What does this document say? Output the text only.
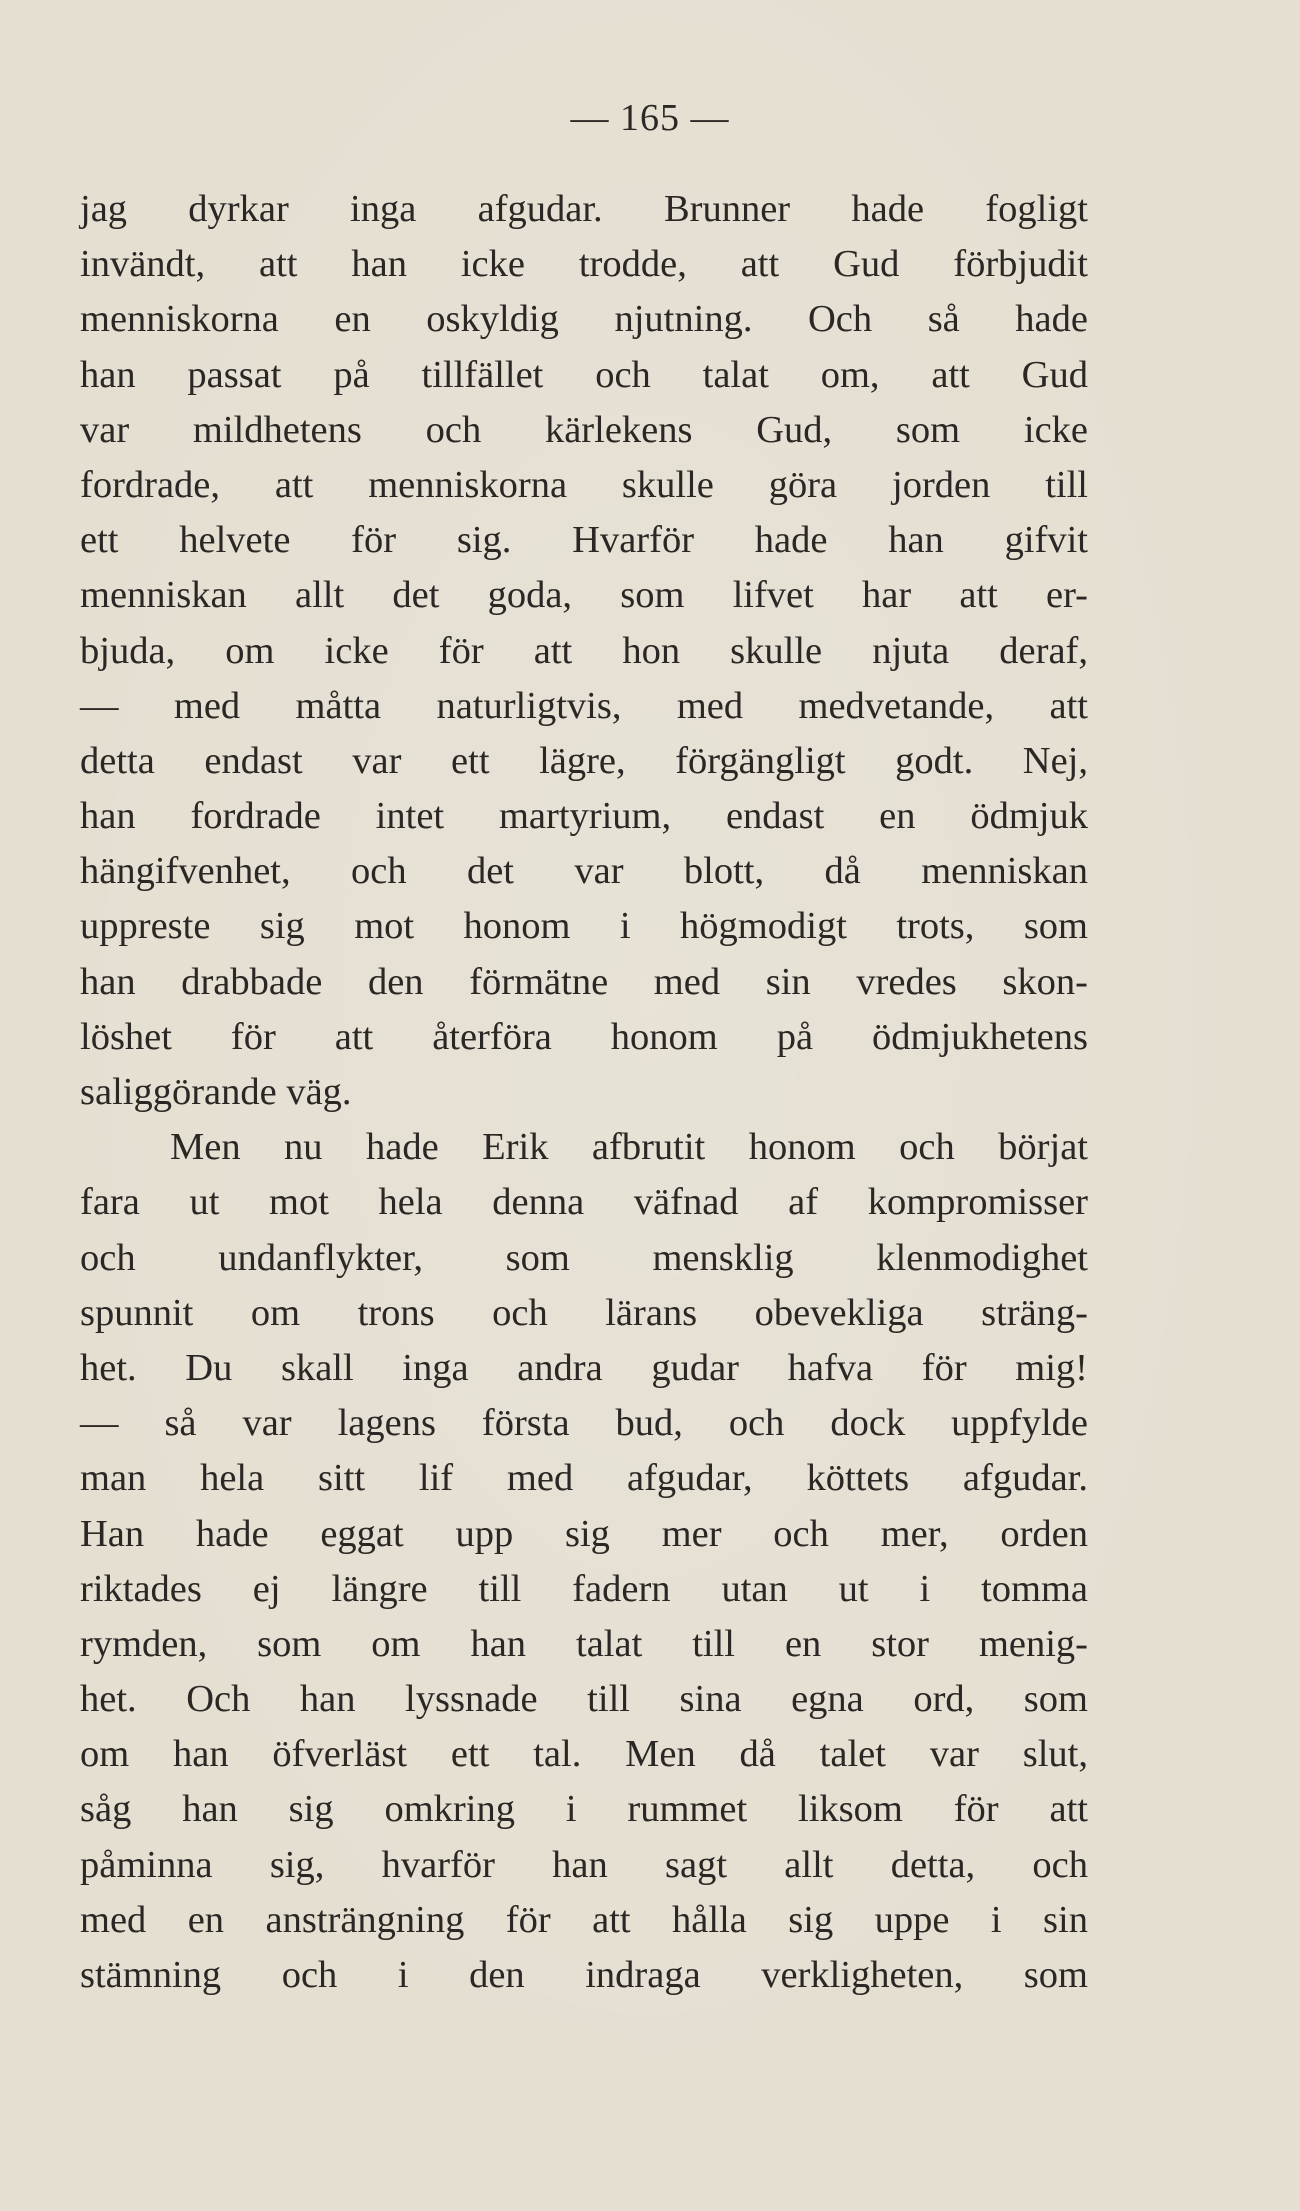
— 165 —
jag dyrkar inga afgudar. Brunner hade fogligt
invändt, att han icke trodde, att Gud förbjudit
menniskorna en oskyldig njutning. Och så hade
han passat på tillfället och talat om, att Gud
var mildhetens och kärlekens Gud, som icke
fordrade, att menniskorna skulle göra jorden till
ett helvete för sig. Hvarför hade han gifvit
menniskan allt det goda, som lifvet har att er-
bjuda, om icke för att hon skulle njuta deraf,
— med måtta naturligtvis, med medvetande, att
detta endast var ett lägre, förgängligt godt. Nej,
han fordrade intet martyrium, endast en ödmjuk
hängifvenhet, och det var blott, då menniskan
uppreste sig mot honom i högmodigt trots, som
han drabbade den förmätne med sin vredes skon-
löshet för att återföra honom på ödmjukhetens
saliggörande väg.
Men nu hade Erik afbrutit honom och börjat
fara ut mot hela denna väfnad af kompromisser
och undanflykter, som mensklig klenmodighet
spunnit om trons och lärans obevekliga sträng-
het. Du skall inga andra gudar hafva för mig!
— så var lagens första bud, och dock uppfylde
man hela sitt lif med afgudar, köttets afgudar.
Han hade eggat upp sig mer och mer, orden
riktades ej längre till fadern utan ut i tomma
rymden, som om han talat till en stor menig-
het. Och han lyssnade till sina egna ord, som
om han öfverläst ett tal. Men då talet var slut,
såg han sig omkring i rummet liksom för att
påminna sig, hvarför han sagt allt detta, och
med en ansträngning för att hålla sig uppe i sin
stämning och i den indraga verkligheten, som
